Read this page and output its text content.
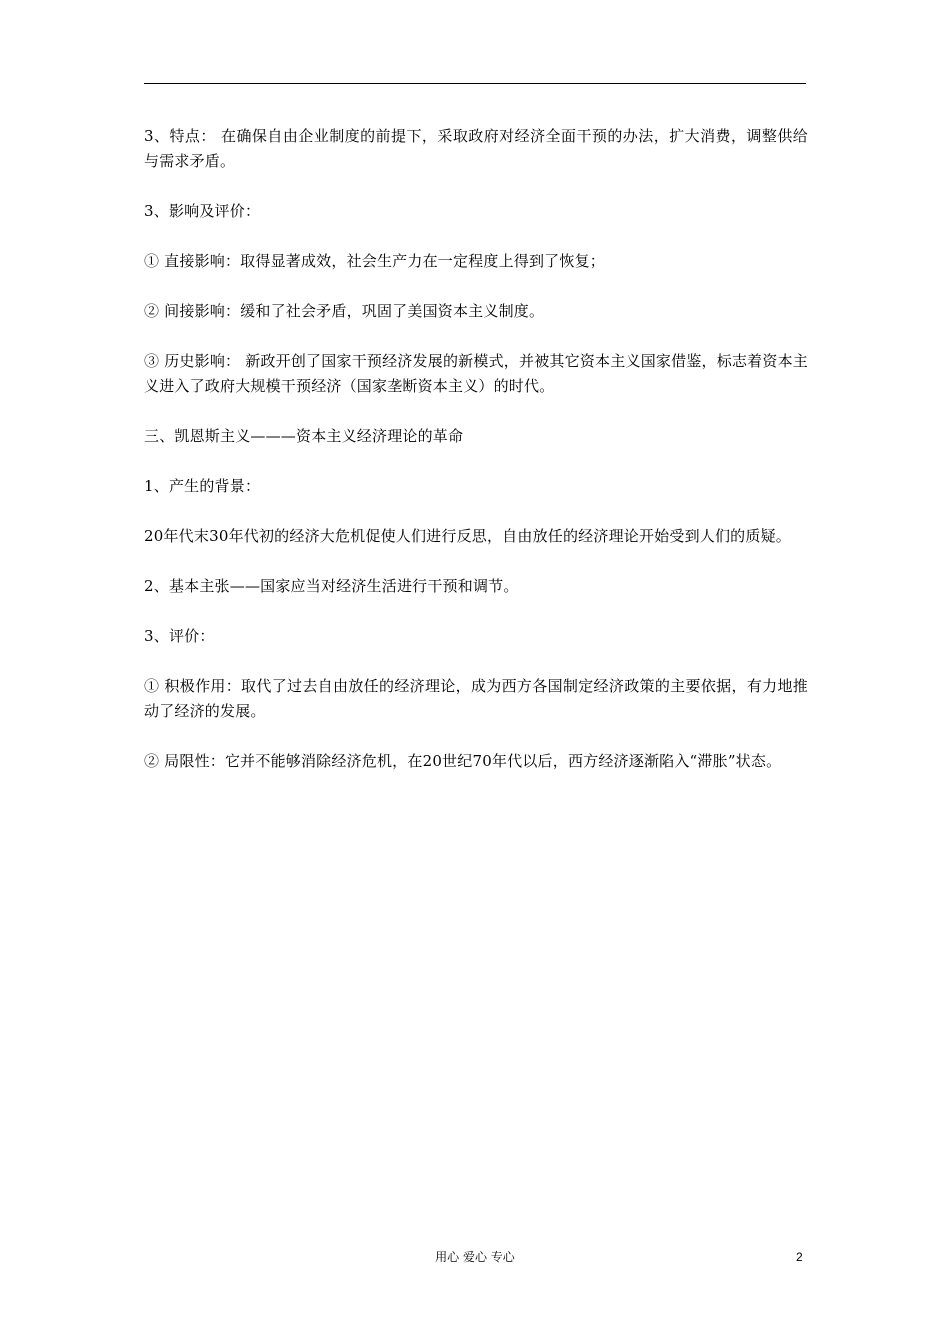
3、特点： 在确保自由企业制度的前提下，采取政府对经济全面干预的办法，扩大消费，调整供给与需求矛盾。

3、影响及评价：

① 直接影响：取得显著成效，社会生产力在一定程度上得到了恢复；

② 间接影响：缓和了社会矛盾，巩固了美国资本主义制度。

③ 历史影响： 新政开创了国家干预经济发展的新模式，并被其它资本主义国家借鉴，标志着资本主义进入了政府大规模干预经济（国家垄断资本主义）的时代。

三、凯恩斯主义———资本主义经济理论的革命

1、产生的背景：

20年代末30年代初的经济大危机促使人们进行反思，自由放任的经济理论开始受到人们的质疑。

2、基本主张——国家应当对经济生活进行干预和调节。

3、评价：

① 积极作用：取代了过去自由放任的经济理论，成为西方各国制定经济政策的主要依据，有力地推动了经济的发展。

② 局限性：它并不能够消除经济危机，在20世纪70年代以后，西方经济逐渐陷入“滞胀”状态。

用心 爱心 专心	2
